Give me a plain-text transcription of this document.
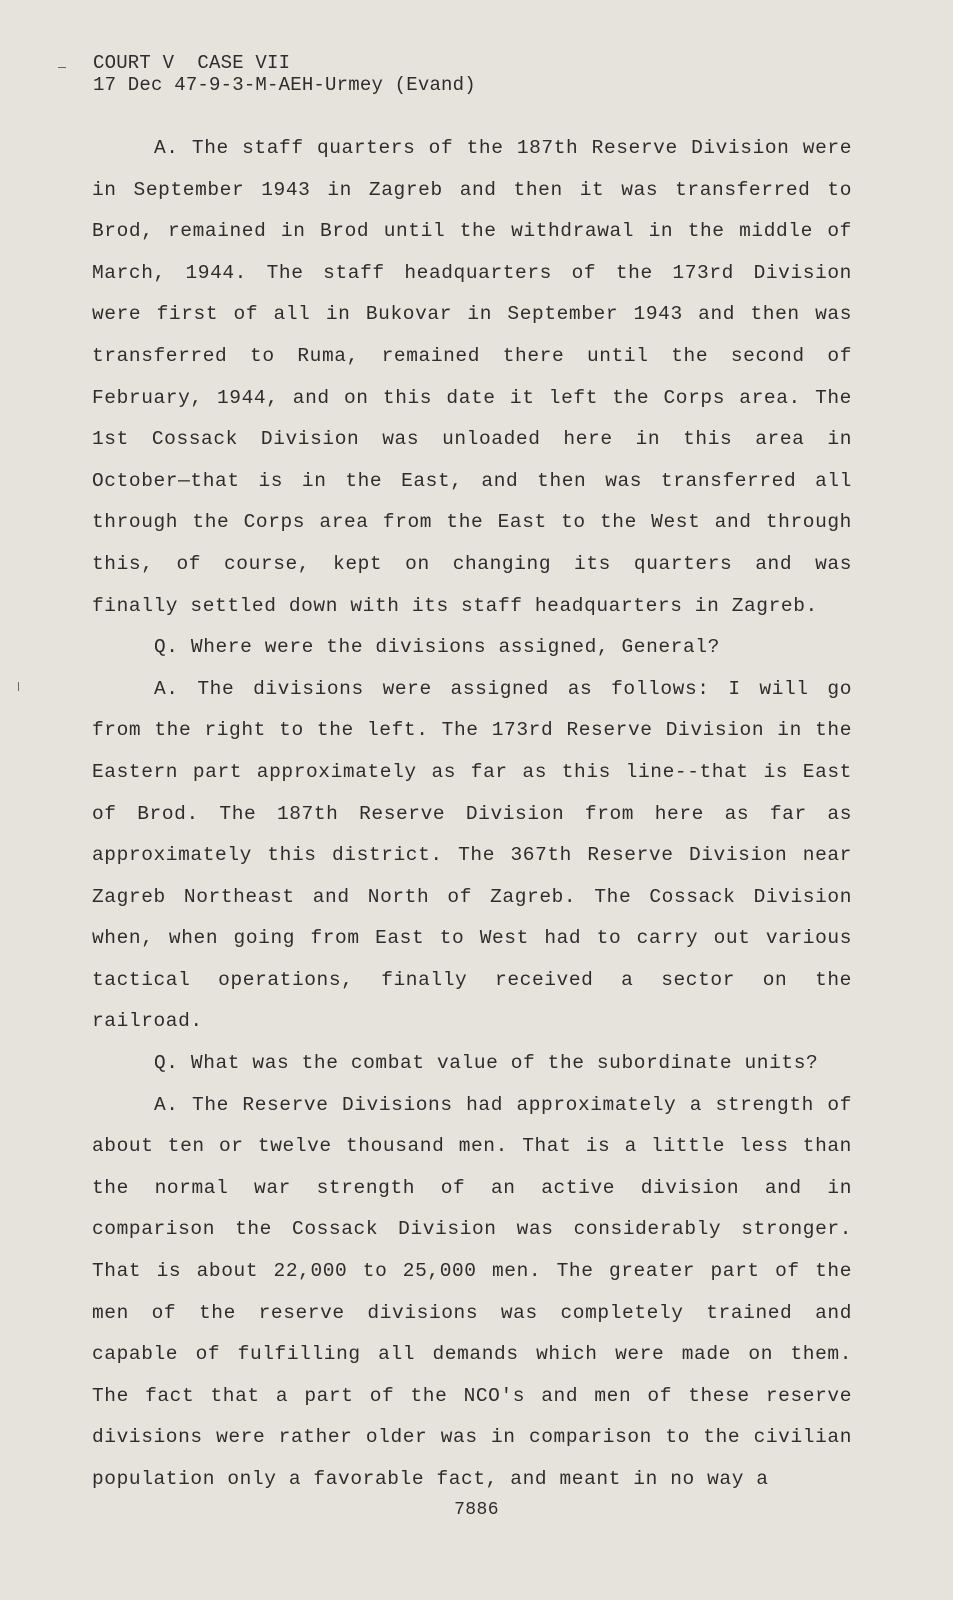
COURT V  CASE VII
17 Dec 47-9-3-M-AEH-Urmey (Evand)

A. The staff quarters of the 187th Reserve Division were in September 1943 in Zagreb and then it was transferred to Brod, remained in Brod until the withdrawal in the middle of March, 1944. The staff headquarters of the 173rd Division were first of all in Bukovar in September 1943 and then was transferred to Ruma, remained there until the second of February, 1944, and on this date it left the Corps area. The 1st Cossack Division was unloaded here in this area in October—that is in the East, and then was transferred all through the Corps area from the East to the West and through this, of course, kept on changing its quarters and was finally settled down with its staff headquarters in Zagreb.

Q. Where were the divisions assigned, General?

A. The divisions were assigned as follows: I will go from the right to the left. The 173rd Reserve Division in the Eastern part approximately as far as this line--that is East of Brod. The 187th Reserve Division from here as far as approximately this district. The 367th Reserve Division near Zagreb Northeast and North of Zagreb. The Cossack Division when, when going from East to West had to carry out various tactical operations, finally received a sector on the railroad.

Q. What was the combat value of the subordinate units?

A. The Reserve Divisions had approximately a strength of about ten or twelve thousand men. That is a little less than the normal war strength of an active division and in comparison the Cossack Division was considerably stronger. That is about 22,000 to 25,000 men. The greater part of the men of the reserve divisions was completely trained and capable of fulfilling all demands which were made on them. The fact that a part of the NCO's and men of these reserve divisions were rather older was in comparison to the civilian population only a favorable fact, and meant in no way a

7886
